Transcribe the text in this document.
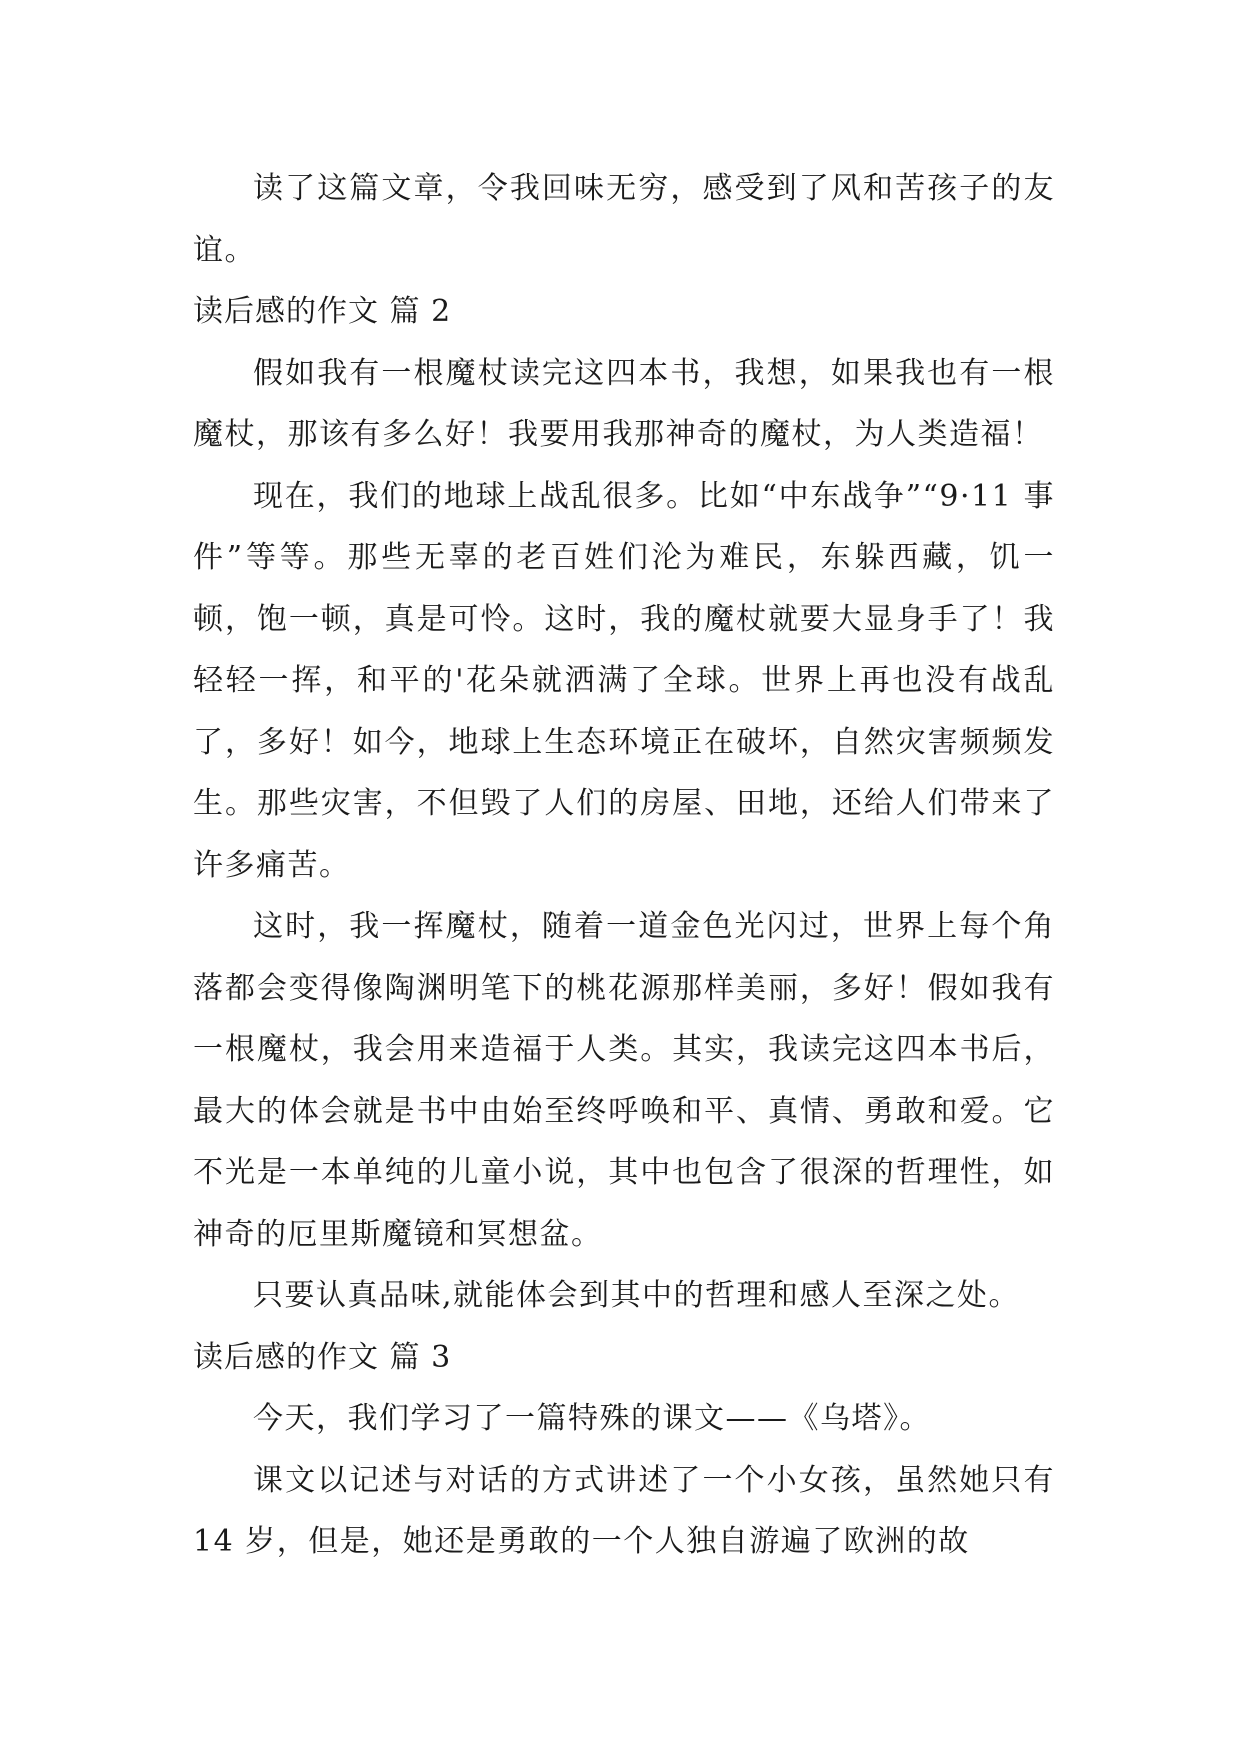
读了这篇文章，令我回味无穷，感受到了风和苦孩子的友谊。

读后感的作文 篇 2

假如我有一根魔杖读完这四本书，我想，如果我也有一根魔杖，那该有多么好！我要用我那神奇的魔杖，为人类造福！

现在，我们的地球上战乱很多。比如“中东战争”“9·11 事件”等等。那些无辜的老百姓们沦为难民，东躲西藏，饥一顿，饱一顿，真是可怜。这时，我的魔杖就要大显身手了！我轻轻一挥，和平的'花朵就洒满了全球。世界上再也没有战乱了，多好！如今，地球上生态环境正在破坏，自然灾害频频发生。那些灾害，不但毁了人们的房屋、田地，还给人们带来了许多痛苦。

这时，我一挥魔杖，随着一道金色光闪过，世界上每个角落都会变得像陶渊明笔下的桃花源那样美丽，多好！假如我有一根魔杖，我会用来造福于人类。其实，我读完这四本书后，最大的体会就是书中由始至终呼唤和平、真情、勇敢和爱。它不光是一本单纯的儿童小说，其中也包含了很深的哲理性，如神奇的厄里斯魔镜和冥想盆。

只要认真品味,就能体会到其中的哲理和感人至深之处。

读后感的作文 篇 3

今天，我们学习了一篇特殊的课文——《乌塔》。

课文以记述与对话的方式讲述了一个小女孩，虽然她只有 14 岁，但是，她还是勇敢的一个人独自游遍了欧洲的故
